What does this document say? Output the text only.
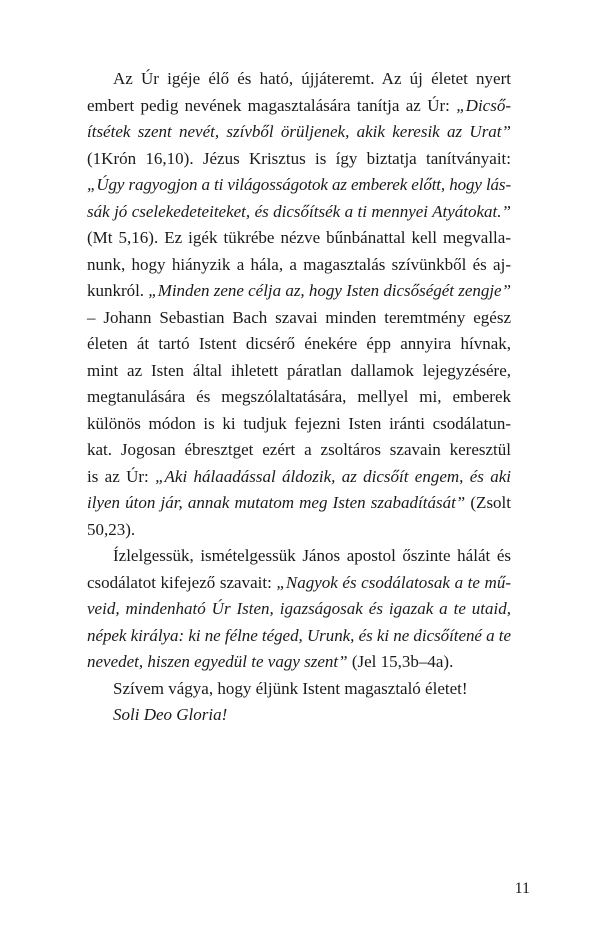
Az Úr igéje élő és ható, újjáteremt. Az új életet nyert
embert pedig nevének magasztalására tanítja az Úr: „Dicső-
ítsétek szent nevét, szívből örüljenek, akik keresik az Urat”
(1Krón 16,10). Jézus Krisztus is így biztatja tanítványait:
„Úgy ragyogjon a ti világosságotok az emberek előtt, hogy lás-
sák jó cselekedeteiteket, és dicsőítsék a ti mennyei Atyátokat.”
(Mt 5,16). Ez igék tükrébe nézve bűnbánattal kell megvalla-
nunk, hogy hiányzik a hála, a magasztalás szívünkből és aj-
kunkról. „Minden zene célja az, hogy Isten dicsőségét zengje”
– Johann Sebastian Bach szavai minden teremtmény egész
életen át tartó Istent dicsérő énekére épp annyira hívnak,
mint az Isten által ihletett páratlan dallamok lejegyzésére,
megtanulására és megszólaltatására, mellyel mi, emberek
különös módon is ki tudjuk fejezni Isten iránti csodálatun-
kat. Jogosan ébresztget ezért a zsoltáros szavain keresztül
is az Úr: „Aki hálaadással áldozik, az dicsőít engem, és aki
ilyen úton jár, annak mutatom meg Isten szabadítását” (Zsolt
50,23).
Ízlelgessük, ismételgessük János apostol őszinte hálát és
csodálatot kifejező szavait: „Nagyok és csodálatosak a te mű-
veid, mindenható Úr Isten, igazságosak és igazak a te utaid,
népek királya: ki ne félne téged, Urunk, és ki ne dicsőítené a te
nevedet, hiszen egyedül te vagy szent” (Jel 15,3b–4a).
Szívem vágya, hogy éljünk Istent magasztaló életet!
Soli Deo Gloria!
11
